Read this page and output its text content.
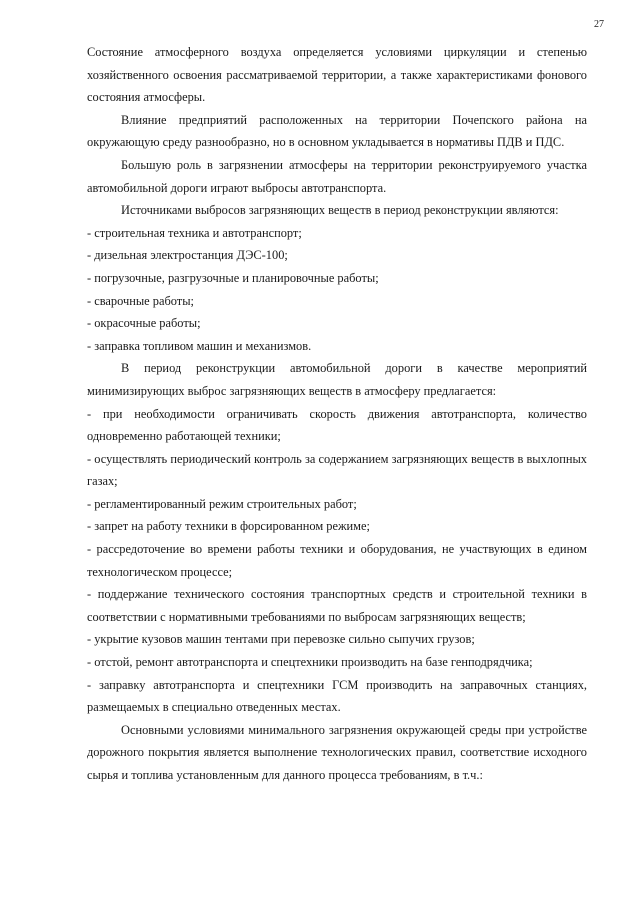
27

Состояние атмосферного воздуха определяется условиями циркуляции и степенью хозяйственного освоения рассматриваемой территории, а также характеристиками фонового состояния атмосферы.

Влияние предприятий расположенных на территории Почепского района на окружающую среду разнообразно, но в основном укладывается в нормативы ПДВ и ПДС.

Большую роль в загрязнении атмосферы на территории реконструируемого участка автомобильной дороги играют выбросы автотранспорта.

Источниками выбросов загрязняющих веществ в период реконструкции являются:

- строительная техника и автотранспорт;

- дизельная электростанция ДЭС-100;

- погрузочные, разгрузочные и планировочные работы;

- сварочные работы;

- окрасочные работы;

- заправка топливом машин и механизмов.

В период реконструкции автомобильной дороги в качестве мероприятий минимизирующих выброс загрязняющих веществ в атмосферу предлагается:

- при необходимости ограничивать скорость движения автотранспорта, количество одновременно работающей техники;

- осуществлять периодический контроль за содержанием загрязняющих веществ в выхлопных газах;

- регламентированный режим строительных работ;

- запрет на работу техники в форсированном режиме;

- рассредоточение во времени работы техники и оборудования, не участвующих в едином технологическом процессе;

- поддержание технического состояния транспортных средств и строительной техники в соответствии с нормативными требованиями по выбросам загрязняющих веществ;

- укрытие кузовов машин тентами при перевозке сильно сыпучих грузов;

- отстой, ремонт автотранспорта и спецтехники производить на базе генподрядчика;

- заправку автотранспорта и спецтехники ГСМ производить на заправочных станциях, размещаемых в специально отведенных местах.

Основными условиями минимального загрязнения окружающей среды при устройстве дорожного покрытия является выполнение технологических правил, соответствие исходного сырья и топлива установленным для данного процесса требованиям, в т.ч.:
